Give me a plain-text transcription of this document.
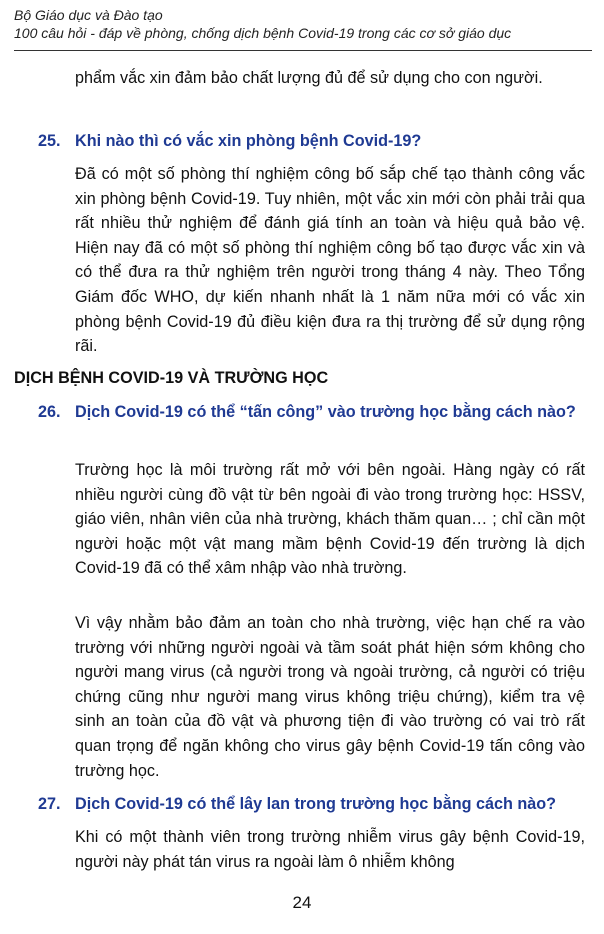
Bộ Giáo dục và Đào tạo
100 câu hỏi - đáp về phòng, chống dịch bệnh Covid-19 trong các cơ sở giáo dục
phẩm vắc xin đảm bảo chất lượng đủ để sử dụng cho con người.
25. Khi nào thì có vắc xin phòng bệnh Covid-19?
Đã có một số phòng thí nghiệm công bố sắp chế tạo thành công vắc xin phòng bệnh Covid-19. Tuy nhiên, một vắc xin mới còn phải trải qua rất nhiều thử nghiệm để đánh giá tính an toàn và hiệu quả bảo vệ. Hiện nay đã có một số phòng thí nghiệm công bố tạo được vắc xin và có thể đưa ra thử nghiệm trên người trong tháng 4 này. Theo Tổng Giám đốc WHO, dự kiến nhanh nhất là 1 năm nữa mới có vắc xin phòng bệnh Covid-19 đủ điều kiện đưa ra thị trường để sử dụng rộng rãi.
DỊCH BỆNH COVID-19 VÀ TRƯỜNG HỌC
26. Dịch Covid-19 có thể “tấn công” vào trường học bằng cách nào?
Trường học là môi trường rất mở với bên ngoài. Hàng ngày có rất nhiều người cùng đồ vật từ bên ngoài đi vào trong trường học: HSSV, giáo viên, nhân viên của nhà trường, khách thăm quan… ; chỉ cần một người hoặc một vật mang mầm bệnh Covid-19 đến trường là dịch Covid-19 đã có thể xâm nhập vào nhà trường.
Vì vậy nhằm bảo đảm an toàn cho nhà trường, việc hạn chế ra vào trường với những người ngoài và tầm soát phát hiện sớm không cho người mang virus (cả người trong và ngoài trường, cả người có triệu chứng cũng như người mang virus không triệu chứng), kiểm tra vệ sinh an toàn của đồ vật và phương tiện đi vào trường có vai trò rất quan trọng để ngăn không cho virus gây bệnh Covid-19 tấn công vào trường học.
27. Dịch Covid-19 có thể lây lan trong trường học bằng cách nào?
Khi có một thành viên trong trường nhiễm virus gây bệnh Covid-19, người này phát tán virus ra ngoài làm ô nhiễm không
24
